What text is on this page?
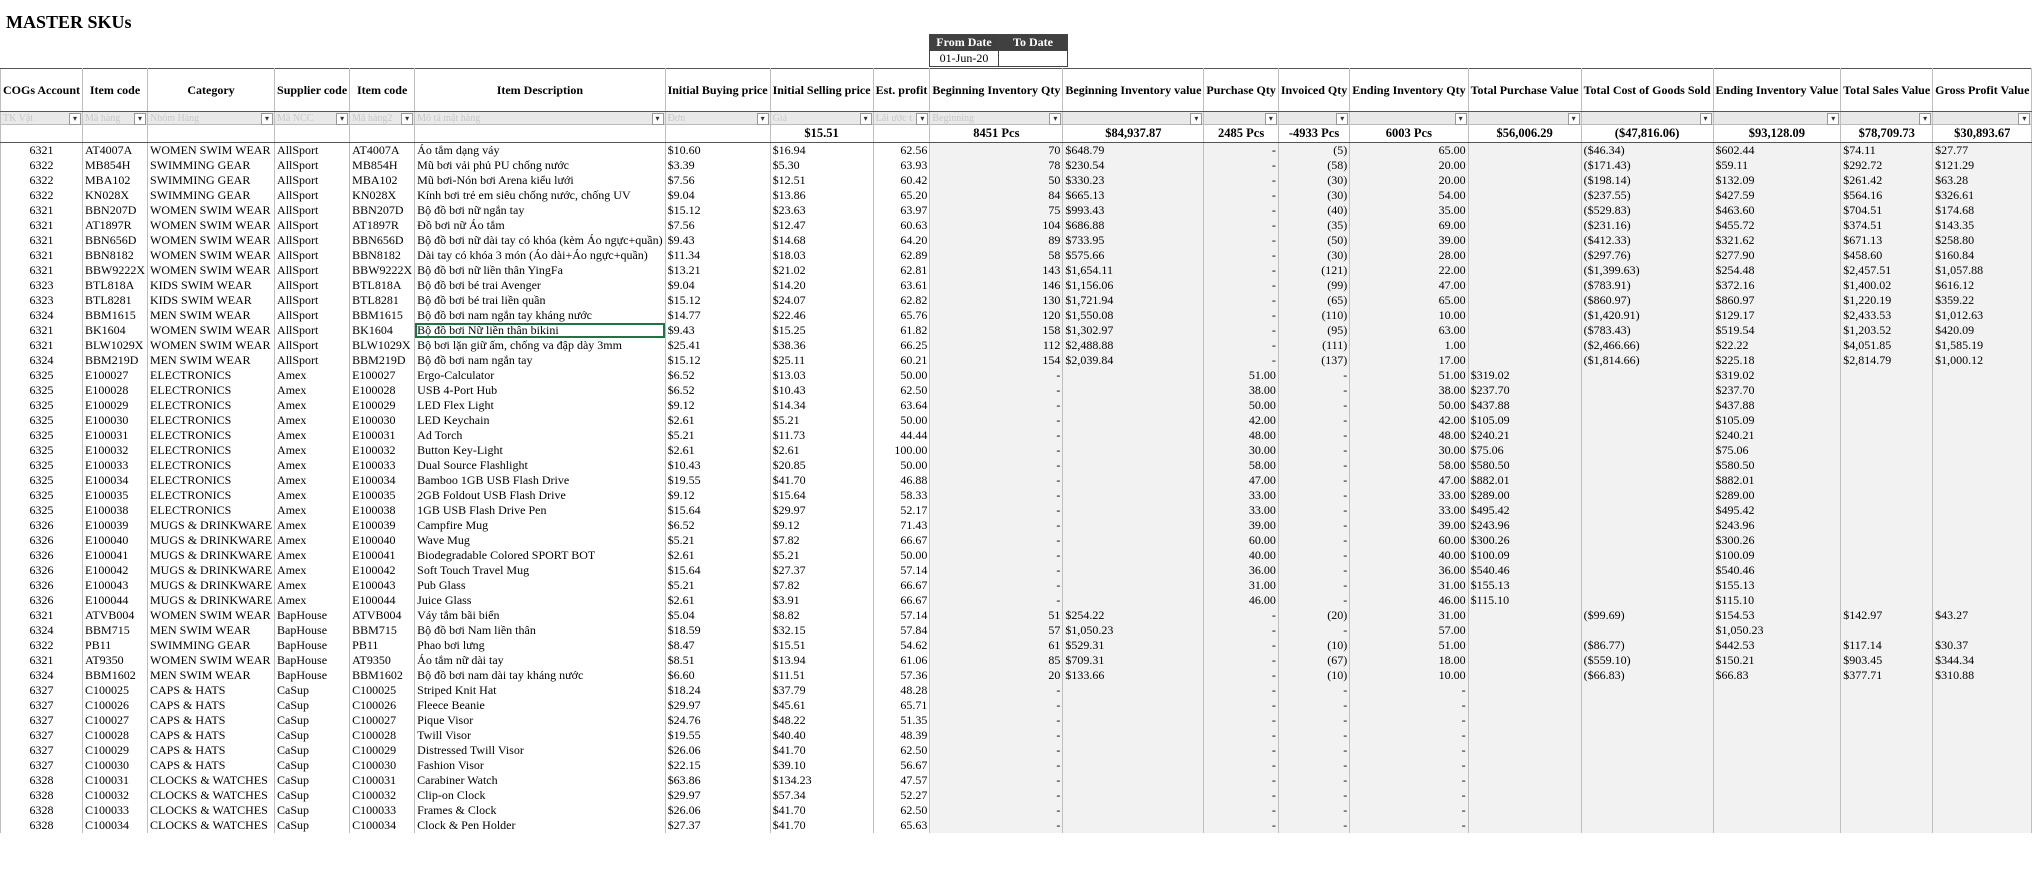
MASTER SKUs
From Date	To Date
01-Jun-20	
							$15.51		8451 Pcs	$84,937.87	2485 Pcs	-4933 Pcs	6003 Pcs	$56,006.29	($47,816.06)	$93,128.09	$78,709.73	$30,893.67
COGs Account	Item code	Category	Supplier code	Item code	Item Description	Initial Buying price	Initial Selling price	Est. profit	Beginning Inventory Qty	Beginning Inventory value	Purchase Qty	Invoiced Qty	Ending Inventory Qty	Total Purchase Value	Total Cost of Goods Sold	Ending Inventory Value	Total Sales Value	Gross Profit Value
TK Vật ▾	Mã hàng ▾	Nhóm Hàng ▾	Mã NCC ▾	Mã hàng2 ▾	Mô tả mặt hàng ▾	Đơn ▾	Giá ▾	Lãi ước t ▾	Beginning ▾	▾	▾	▾	▾	▾	▾	▾	▾	▾

6321	AT4007A	WOMEN SWIM WEAR	AllSport	AT4007A	Áo tắm dạng váy	$10.60	$16.94	62.56	70	$648.79	-	(5)	65.00		($46.34)	$602.44	$74.11	$27.77
6322	MB854H	SWIMMING GEAR	AllSport	MB854H	Mũ bơi vải phủ PU chống nước	$3.39	$5.30	63.93	78	$230.54	-	(58)	20.00		($171.43)	$59.11	$292.72	$121.29
6322	MBA102	SWIMMING GEAR	AllSport	MBA102	Mũ bơi-Nón bơi Arena kiểu lưới	$7.56	$12.51	60.42	50	$330.23	-	(30)	20.00		($198.14)	$132.09	$261.42	$63.28
6322	KN028X	SWIMMING GEAR	AllSport	KN028X	Kính bơi trẻ em siêu chống nước, chống UV	$9.04	$13.86	65.20	84	$665.13	-	(30)	54.00		($237.55)	$427.59	$564.16	$326.61
6321	BBN207D	WOMEN SWIM WEAR	AllSport	BBN207D	Bộ đồ bơi nữ ngắn tay	$15.12	$23.63	63.97	75	$993.43	-	(40)	35.00		($529.83)	$463.60	$704.51	$174.68
6321	AT1897R	WOMEN SWIM WEAR	AllSport	AT1897R	Đồ bơi nữ Áo tắm	$7.56	$12.47	60.63	104	$686.88	-	(35)	69.00		($231.16)	$455.72	$374.51	$143.35
6321	BBN656D	WOMEN SWIM WEAR	AllSport	BBN656D	Bộ đồ bơi nữ dài tay có khóa (kèm Áo ngực+quần)	$9.43	$14.68	64.20	89	$733.95	-	(50)	39.00		($412.33)	$321.62	$671.13	$258.80
6321	BBN8182	WOMEN SWIM WEAR	AllSport	BBN8182	Dài tay có khóa 3 món (Áo dài+Áo ngực+quần)	$11.34	$18.03	62.89	58	$575.66	-	(30)	28.00		($297.76)	$277.90	$458.60	$160.84
6321	BBW9222X	WOMEN SWIM WEAR	AllSport	BBW9222X	Bộ đồ bơi nữ liền thân YingFa	$13.21	$21.02	62.81	143	$1,654.11	-	(121)	22.00		($1,399.63)	$254.48	$2,457.51	$1,057.88
6323	BTL818A	KIDS SWIM WEAR	AllSport	BTL818A	Bộ đồ bơi bé trai Avenger	$9.04	$14.20	63.61	146	$1,156.06	-	(99)	47.00		($783.91)	$372.16	$1,400.02	$616.12
6323	BTL8281	KIDS SWIM WEAR	AllSport	BTL8281	Bộ đồ bơi bé trai liền quần	$15.12	$24.07	62.82	130	$1,721.94	-	(65)	65.00		($860.97)	$860.97	$1,220.19	$359.22
6324	BBM1615	MEN SWIM WEAR	AllSport	BBM1615	Bộ đồ bơi nam ngắn tay kháng nước	$14.77	$22.46	65.76	120	$1,550.08	-	(110)	10.00		($1,420.91)	$129.17	$2,433.53	$1,012.63
6321	BK1604	WOMEN SWIM WEAR	AllSport	BK1604	Bộ đồ bơi Nữ liền thân bikini	$9.43	$15.25	61.82	158	$1,302.97	-	(95)	63.00		($783.43)	$519.54	$1,203.52	$420.09
6321	BLW1029X	WOMEN SWIM WEAR	AllSport	BLW1029X	Bộ bơi lặn giữ ấm, chống va đập dày 3mm	$25.41	$38.36	66.25	112	$2,488.88	-	(111)	1.00		($2,466.66)	$22.22	$4,051.85	$1,585.19
6324	BBM219D	MEN SWIM WEAR	AllSport	BBM219D	Bộ đồ bơi nam ngắn tay	$15.12	$25.11	60.21	154	$2,039.84	-	(137)	17.00		($1,814.66)	$225.18	$2,814.79	$1,000.12
6325	E100027	ELECTRONICS	Amex	E100027	Ergo-Calculator	$6.52	$13.03	50.00	-		51.00	-	51.00	$319.02		$319.02		
6325	E100028	ELECTRONICS	Amex	E100028	USB 4-Port Hub	$6.52	$10.43	62.50	-		38.00	-	38.00	$237.70		$237.70		
6325	E100029	ELECTRONICS	Amex	E100029	LED Flex Light	$9.12	$14.34	63.64	-		50.00	-	50.00	$437.88		$437.88		
6325	E100030	ELECTRONICS	Amex	E100030	LED Keychain	$2.61	$5.21	50.00	-		42.00	-	42.00	$105.09		$105.09		
6325	E100031	ELECTRONICS	Amex	E100031	Ad Torch	$5.21	$11.73	44.44	-		48.00	-	48.00	$240.21		$240.21		
6325	E100032	ELECTRONICS	Amex	E100032	Button Key-Light	$2.61	$2.61	100.00	-		30.00	-	30.00	$75.06		$75.06		
6325	E100033	ELECTRONICS	Amex	E100033	Dual Source Flashlight	$10.43	$20.85	50.00	-		58.00	-	58.00	$580.50		$580.50		
6325	E100034	ELECTRONICS	Amex	E100034	Bamboo 1GB USB Flash Drive	$19.55	$41.70	46.88	-		47.00	-	47.00	$882.01		$882.01		
6325	E100035	ELECTRONICS	Amex	E100035	2GB Foldout USB Flash Drive	$9.12	$15.64	58.33	-		33.00	-	33.00	$289.00		$289.00		
6325	E100038	ELECTRONICS	Amex	E100038	1GB USB Flash Drive Pen	$15.64	$29.97	52.17	-		33.00	-	33.00	$495.42		$495.42		
6326	E100039	MUGS & DRINKWARE	Amex	E100039	Campfire Mug	$6.52	$9.12	71.43	-		39.00	-	39.00	$243.96		$243.96		
6326	E100040	MUGS & DRINKWARE	Amex	E100040	Wave Mug	$5.21	$7.82	66.67	-		60.00	-	60.00	$300.26		$300.26		
6326	E100041	MUGS & DRINKWARE	Amex	E100041	Biodegradable Colored SPORT BOT	$2.61	$5.21	50.00	-		40.00	-	40.00	$100.09		$100.09		
6326	E100042	MUGS & DRINKWARE	Amex	E100042	Soft Touch Travel Mug	$15.64	$27.37	57.14	-		36.00	-	36.00	$540.46		$540.46		
6326	E100043	MUGS & DRINKWARE	Amex	E100043	Pub Glass	$5.21	$7.82	66.67	-		31.00	-	31.00	$155.13		$155.13		
6326	E100044	MUGS & DRINKWARE	Amex	E100044	Juice Glass	$2.61	$3.91	66.67	-		46.00	-	46.00	$115.10		$115.10		
6321	ATVB004	WOMEN SWIM WEAR	BapHouse	ATVB004	Váy tắm bãi biển	$5.04	$8.82	57.14	51	$254.22	-	(20)	31.00		($99.69)	$154.53	$142.97	$43.27
6324	BBM715	MEN SWIM WEAR	BapHouse	BBM715	Bộ đồ bơi Nam liền thân	$18.59	$32.15	57.84	57	$1,050.23	-	-	57.00			$1,050.23		
6322	PB11	SWIMMING GEAR	BapHouse	PB11	Phao bơi lưng	$8.47	$15.51	54.62	61	$529.31	-	(10)	51.00		($86.77)	$442.53	$117.14	$30.37
6321	AT9350	WOMEN SWIM WEAR	BapHouse	AT9350	Áo tắm nữ dài tay	$8.51	$13.94	61.06	85	$709.31	-	(67)	18.00		($559.10)	$150.21	$903.45	$344.34
6324	BBM1602	MEN SWIM WEAR	BapHouse	BBM1602	Bộ đồ bơi nam dài tay kháng nước	$6.60	$11.51	57.36	20	$133.66	-	(10)	10.00		($66.83)	$66.83	$377.71	$310.88
6327	C100025	CAPS & HATS	CaSup	C100025	Striped Knit Hat	$18.24	$37.79	48.28	-		-	-	-					
6327	C100026	CAPS & HATS	CaSup	C100026	Fleece Beanie	$29.97	$45.61	65.71	-		-	-	-					
6327	C100027	CAPS & HATS	CaSup	C100027	Pique Visor	$24.76	$48.22	51.35	-		-	-	-					
6327	C100028	CAPS & HATS	CaSup	C100028	Twill Visor	$19.55	$40.40	48.39	-		-	-	-					
6327	C100029	CAPS & HATS	CaSup	C100029	Distressed Twill Visor	$26.06	$41.70	62.50	-		-	-	-					
6327	C100030	CAPS & HATS	CaSup	C100030	Fashion Visor	$22.15	$39.10	56.67	-		-	-	-					
6328	C100031	CLOCKS & WATCHES	CaSup	C100031	Carabiner Watch	$63.86	$134.23	47.57	-		-	-	-					
6328	C100032	CLOCKS & WATCHES	CaSup	C100032	Clip-on Clock	$29.97	$57.34	52.27	-		-	-	-					
6328	C100033	CLOCKS & WATCHES	CaSup	C100033	Frames & Clock	$26.06	$41.70	62.50	-		-	-	-					
6328	C100034	CLOCKS & WATCHES	CaSup	C100034	Clock & Pen Holder	$27.37	$41.70	65.63	-		-	-	-					
